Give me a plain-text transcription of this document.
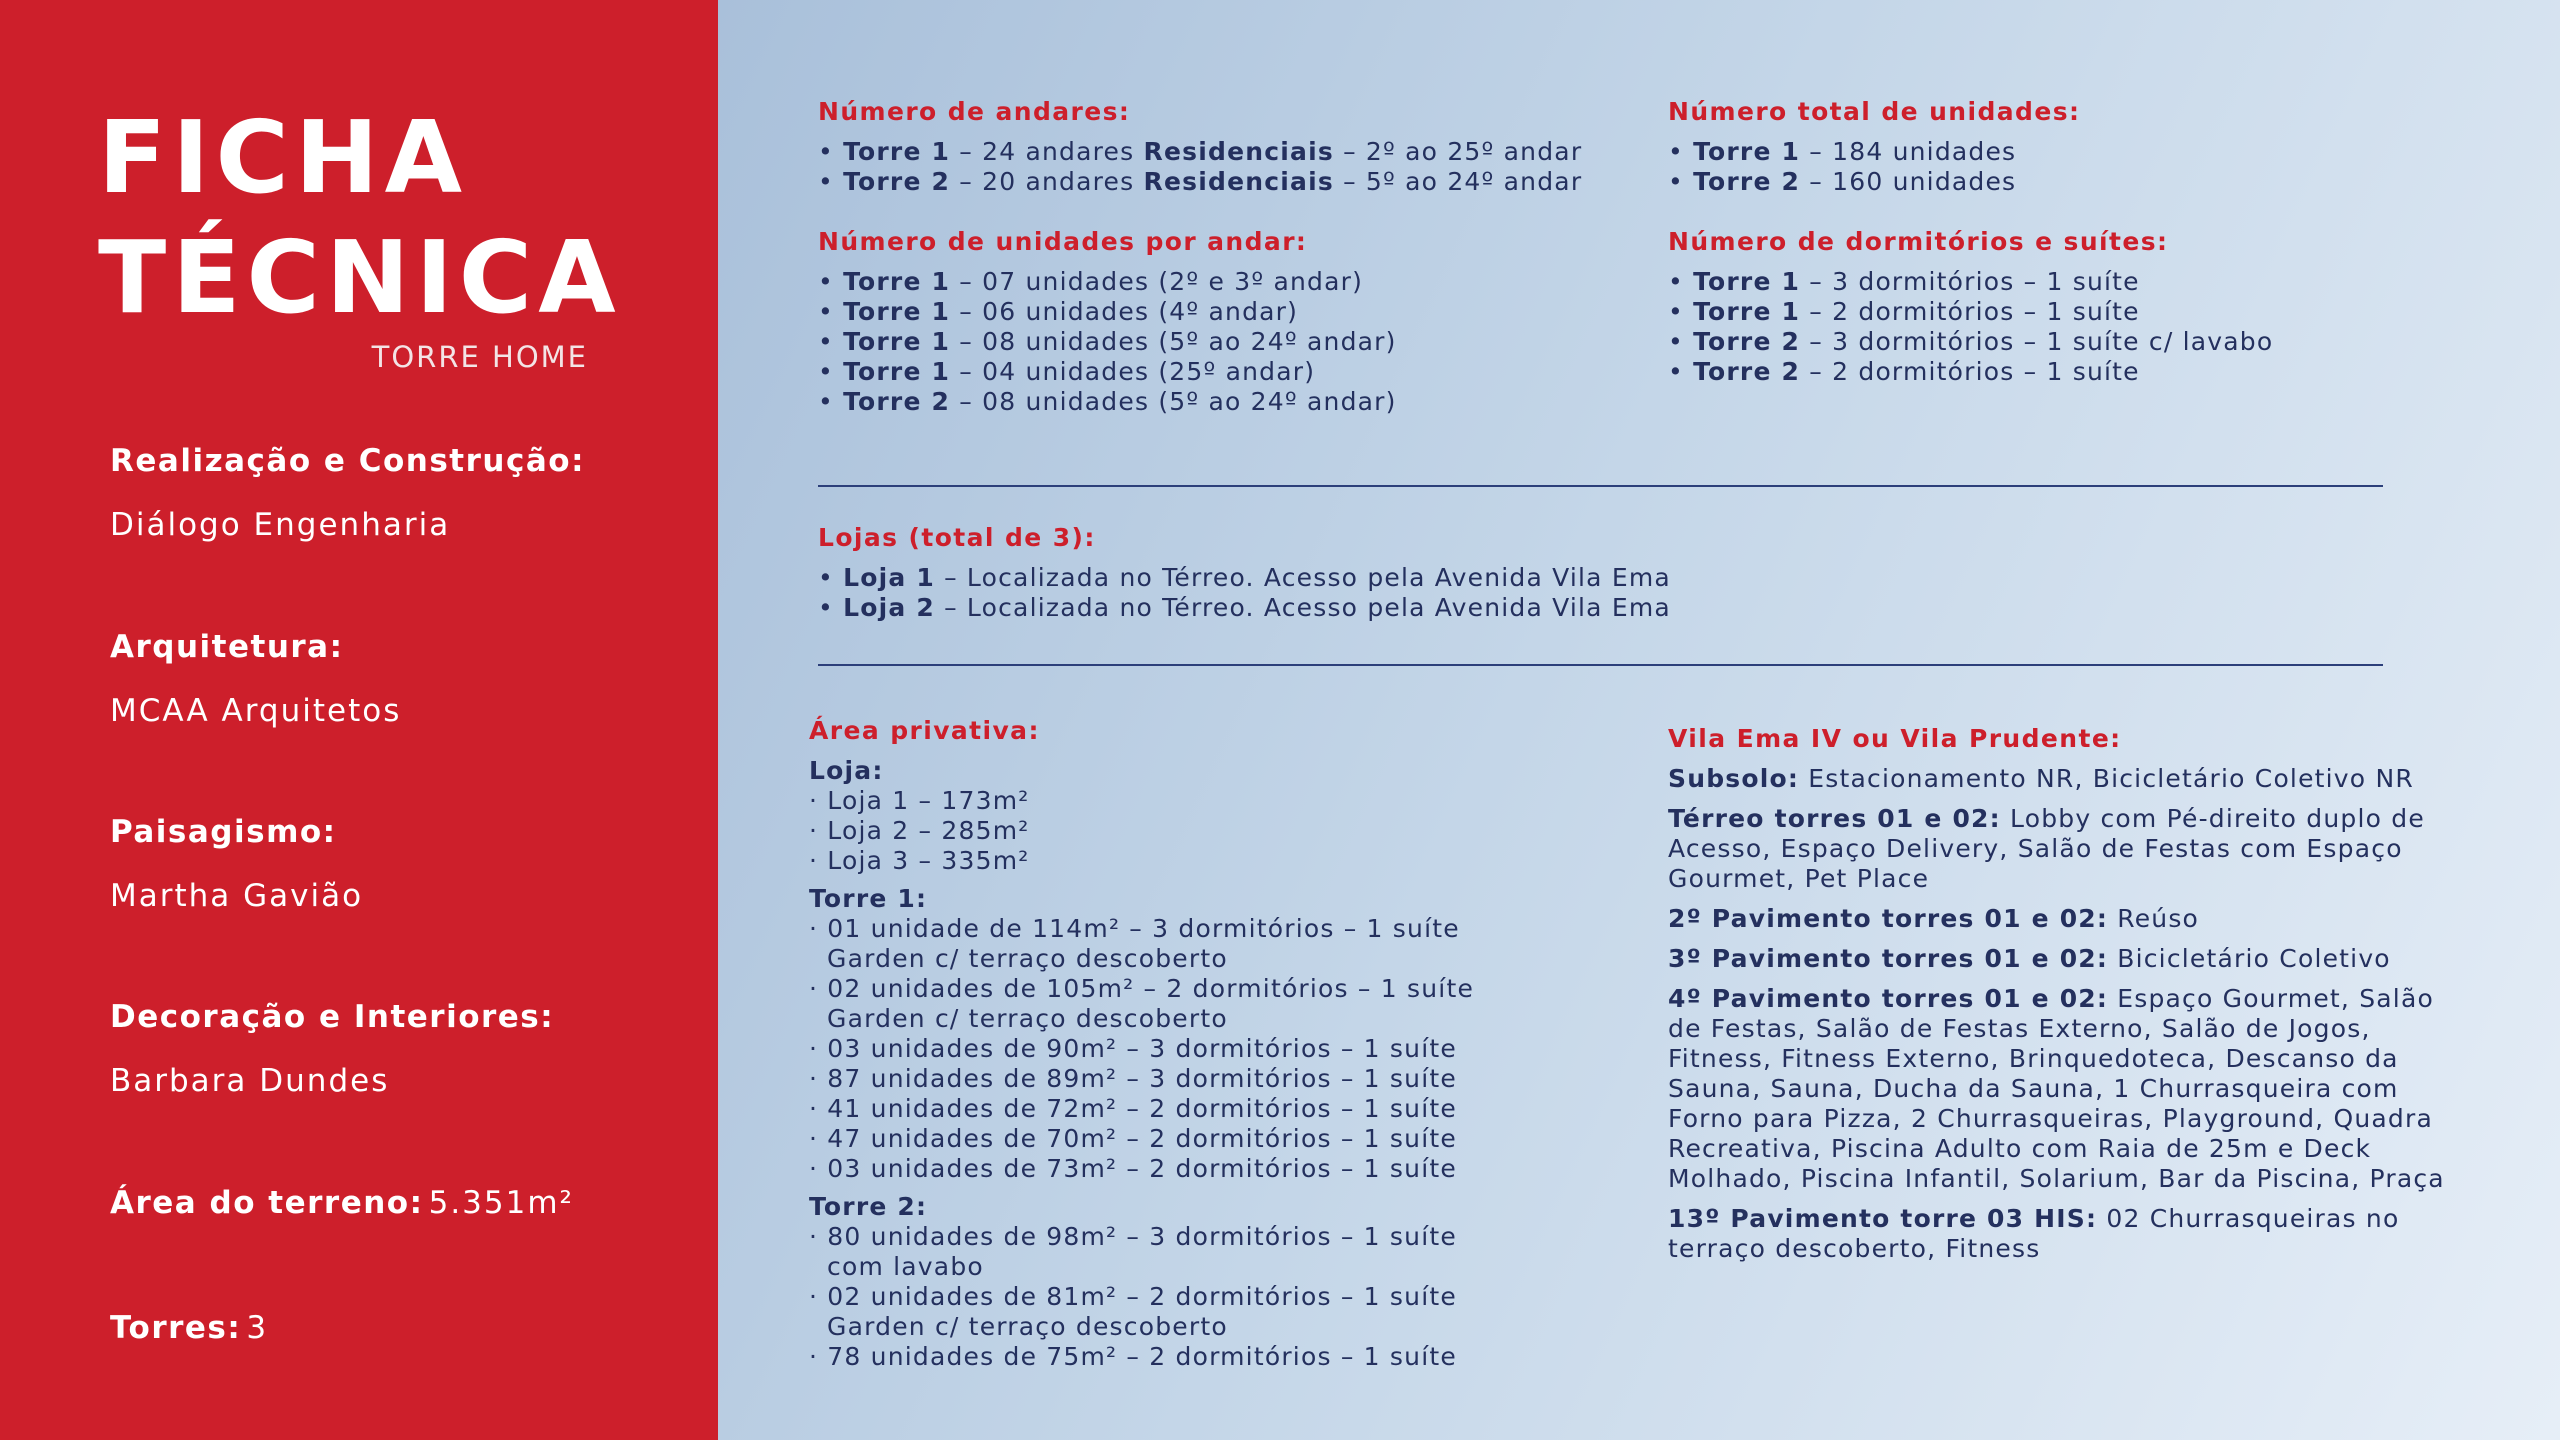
FICHA
TÉCNICA
TORRE HOME
Realização e Construção:
Diálogo Engenharia
Arquitetura:
MCAA Arquitetos
Paisagismo:
Martha Gavião
Decoração e Interiores:
Barbara Dundes
Área do terreno: 5.351m²
Torres: 3
Número de andares:
• Torre 1 – 24 andares Residenciais – 2º ao 25º andar
• Torre 2 – 20 andares Residenciais – 5º ao 24º andar
Número total de unidades:
• Torre 1 – 184 unidades
• Torre 2 – 160 unidades
Número de unidades por andar:
• Torre 1 – 07 unidades (2º e 3º andar)
• Torre 1 – 06 unidades (4º andar)
• Torre 1 – 08 unidades (5º ao 24º andar)
• Torre 1 – 04 unidades (25º andar)
• Torre 2 – 08 unidades (5º ao 24º andar)
Número de dormitórios e suítes:
• Torre 1 – 3 dormitórios – 1 suíte
• Torre 1 – 2 dormitórios – 1 suíte
• Torre 2 – 3 dormitórios – 1 suíte c/ lavabo
• Torre 2 – 2 dormitórios – 1 suíte
Lojas (total de 3):
• Loja 1 – Localizada no Térreo. Acesso pela Avenida Vila Ema
• Loja 2 – Localizada no Térreo. Acesso pela Avenida Vila Ema
Área privativa:
Loja:
· Loja 1 – 173m²
· Loja 2 – 285m²
· Loja 3 – 335m²
Torre 1:
· 01 unidade de 114m² – 3 dormitórios – 1 suíte Garden c/ terraço descoberto
· 02 unidades de 105m² – 2 dormitórios – 1 suíte Garden c/ terraço descoberto
· 03 unidades de 90m² – 3 dormitórios – 1 suíte
· 87 unidades de 89m² – 3 dormitórios – 1 suíte
· 41 unidades de 72m² – 2 dormitórios – 1 suíte
· 47 unidades de 70m² – 2 dormitórios – 1 suíte
· 03 unidades de 73m² – 2 dormitórios – 1 suíte
Torre 2:
· 80 unidades de 98m² – 3 dormitórios – 1 suíte com lavabo
· 02 unidades de 81m² – 2 dormitórios – 1 suíte Garden c/ terraço descoberto
· 78 unidades de 75m² – 2 dormitórios – 1 suíte
Vila Ema IV ou Vila Prudente:
Subsolo: Estacionamento NR, Bicicletário Coletivo NR
Térreo torres 01 e 02: Lobby com Pé-direito duplo de Acesso, Espaço Delivery, Salão de Festas com Espaço Gourmet, Pet Place
2º Pavimento torres 01 e 02: Reúso
3º Pavimento torres 01 e 02: Bicicletário Coletivo
4º Pavimento torres 01 e 02: Espaço Gourmet, Salão de Festas, Salão de Festas Externo, Salão de Jogos, Fitness, Fitness Externo, Brinquedoteca, Descanso da Sauna, Sauna, Ducha da Sauna, 1 Churrasqueira com Forno para Pizza, 2 Churrasqueiras, Playground, Quadra Recreativa, Piscina Adulto com Raia de 25m e Deck Molhado, Piscina Infantil, Solarium, Bar da Piscina, Praça
13º Pavimento torre 03 HIS: 02 Churrasqueiras no terraço descoberto, Fitness
